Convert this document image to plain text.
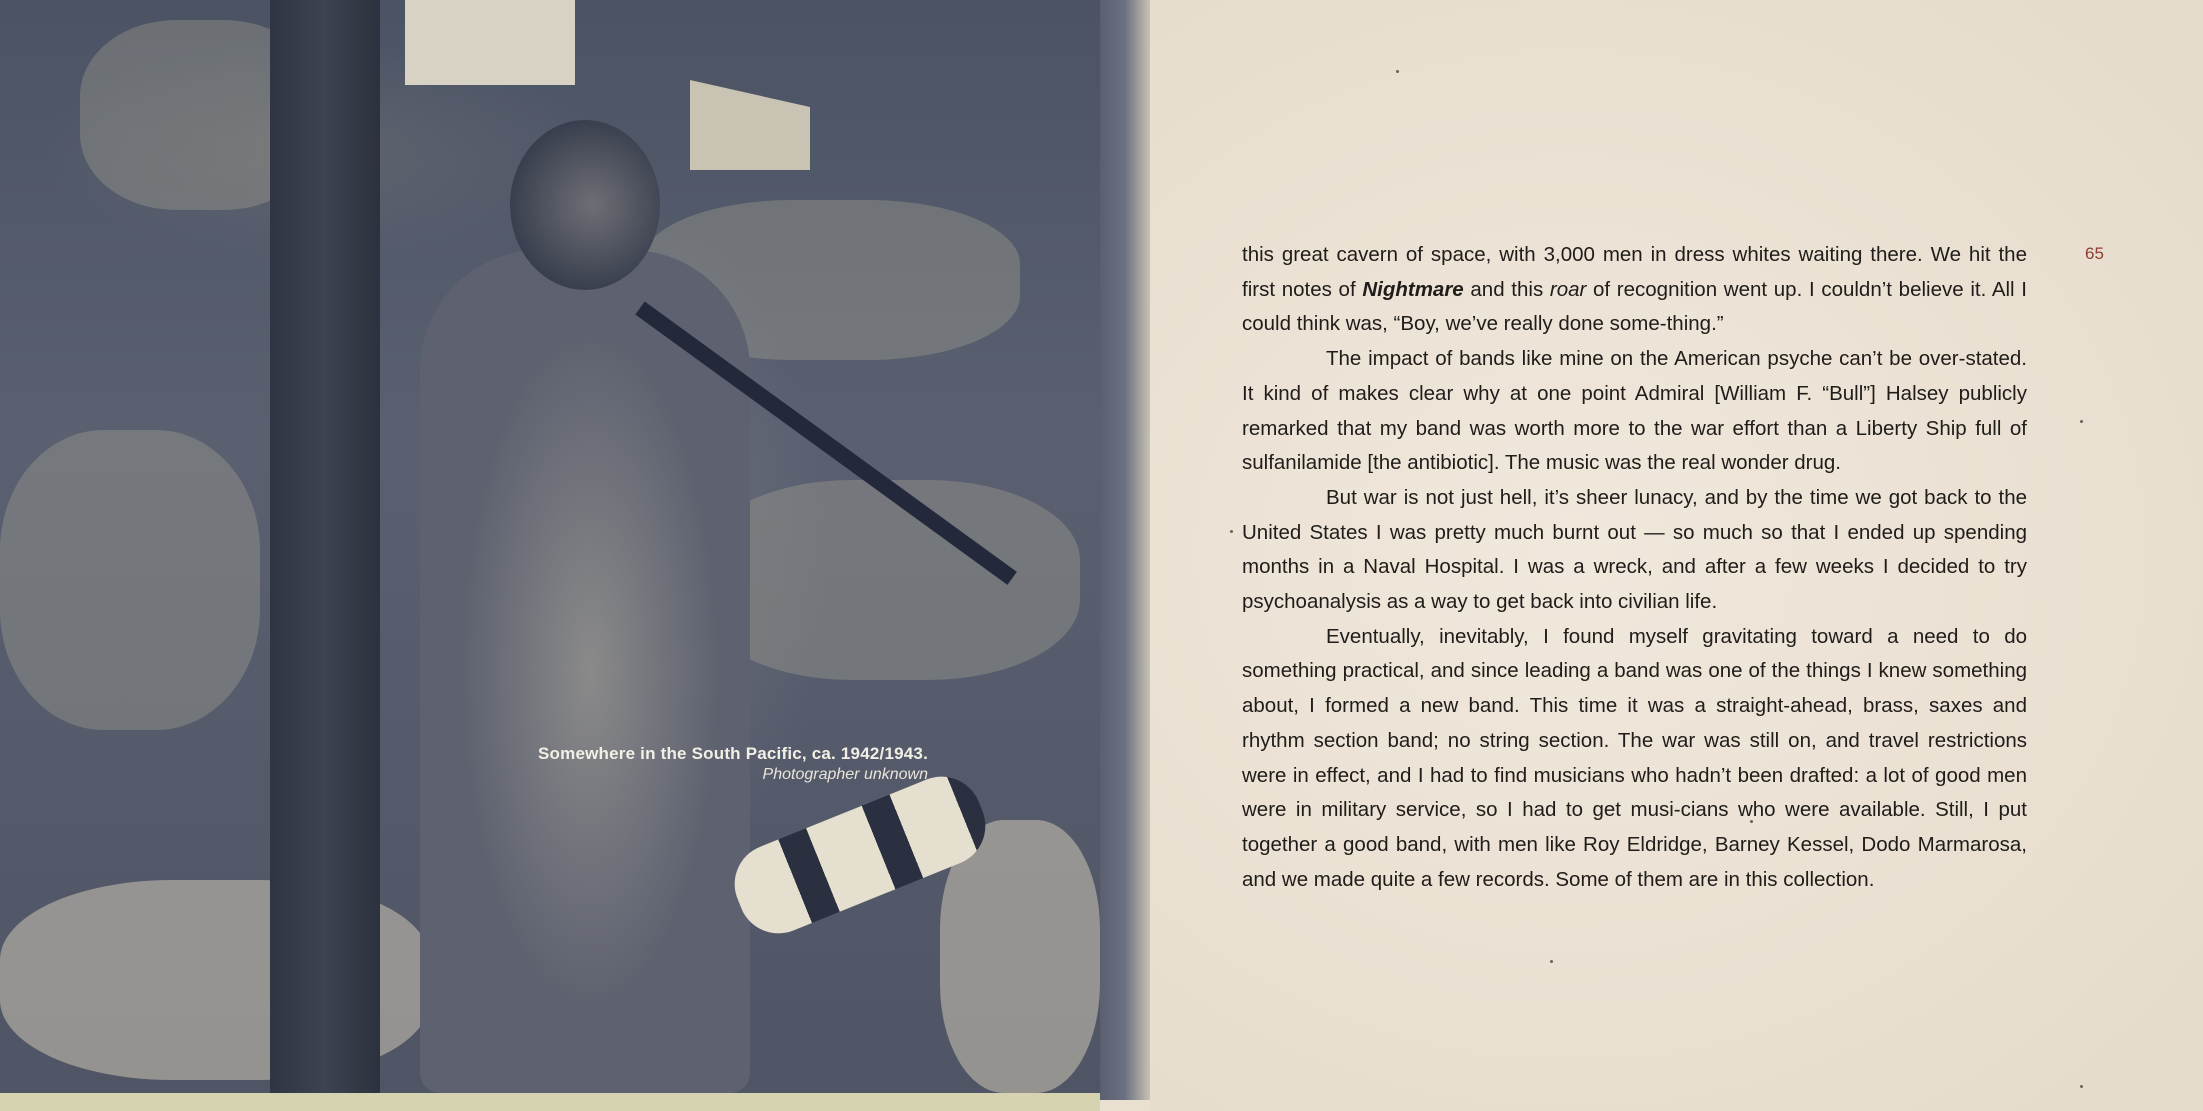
Somewhere in the South Pacific, ca. 1942/1943.
Photographer unknown
65

this great cavern of space, with 3,000 men in dress whites waiting there. We hit the first notes of Nightmare and this roar of recognition went up. I couldn’t believe it. All I could think was, “Boy, we’ve really done some-thing.”

The impact of bands like mine on the American psyche can’t be over-stated. It kind of makes clear why at one point Admiral [William F. “Bull”] Halsey publicly remarked that my band was worth more to the war effort than a Liberty Ship full of sulfanilamide [the antibiotic]. The music was the real wonder drug.

But war is not just hell, it’s sheer lunacy, and by the time we got back to the United States I was pretty much burnt out — so much so that I ended up spending months in a Naval Hospital. I was a wreck, and after a few weeks I decided to try psychoanalysis as a way to get back into civilian life.

Eventually, inevitably, I found myself gravitating toward a need to do something practical, and since leading a band was one of the things I knew something about, I formed a new band. This time it was a straight-ahead, brass, saxes and rhythm section band; no string section. The war was still on, and travel restrictions were in effect, and I had to find musicians who hadn’t been drafted: a lot of good men were in military service, so I had to get musi-cians who were available. Still, I put together a good band, with men like Roy Eldridge, Barney Kessel, Dodo Marmarosa, and we made quite a few records. Some of them are in this collection.
